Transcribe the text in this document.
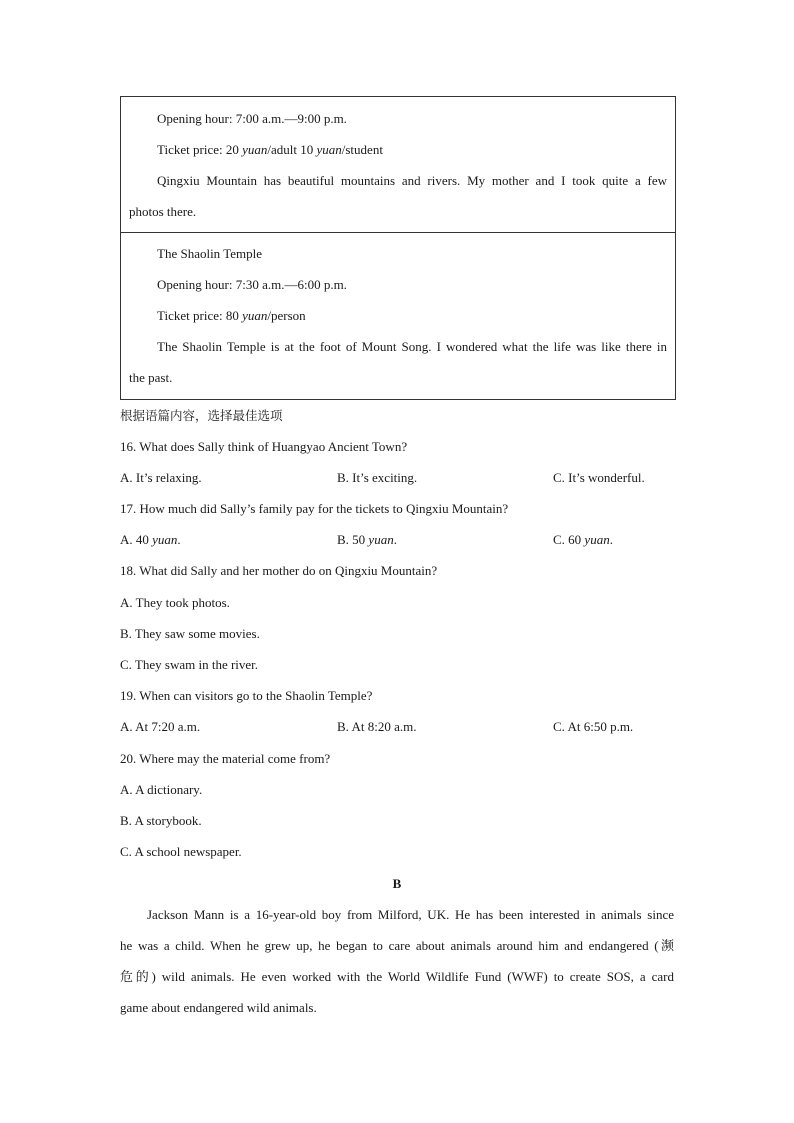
Opening hour: 7:00 a.m.—9:00 p.m.
Ticket price: 20 yuan/adult 10 yuan/student
Qingxiu Mountain has beautiful mountains and rivers. My mother and I took quite a few
photos there.
The Shaolin Temple
Opening hour: 7:30 a.m.—6:00 p.m.
Ticket price: 80 yuan/person
The Shaolin Temple is at the foot of Mount Song. I wondered what the life was like there in
the past.
根据语篇内容，选择最佳选项
16. What does Sally think of Huangyao Ancient Town?
A. It’s relaxing.	B. It’s exciting.	C. It’s wonderful.
17. How much did Sally’s family pay for the tickets to Qingxiu Mountain?
A. 40 yuan.	B. 50 yuan.	C. 60 yuan.
18. What did Sally and her mother do on Qingxiu Mountain?
A. They took photos.
B. They saw some movies.
C. They swam in the river.
19. When can visitors go to the Shaolin Temple?
A. At 7:20 a.m.	B. At 8:20 a.m.	C. At 6:50 p.m.
20. Where may the material come from?
A. A dictionary.
B. A storybook.
C. A school newspaper.
B
Jackson Mann is a 16-year-old boy from Milford, UK. He has been interested in animals since
he was a child. When he grew up, he began to care about animals around him and endangered (濒
危的) wild animals. He even worked with the World Wildlife Fund (WWF) to create SOS, a card
game about endangered wild animals.
